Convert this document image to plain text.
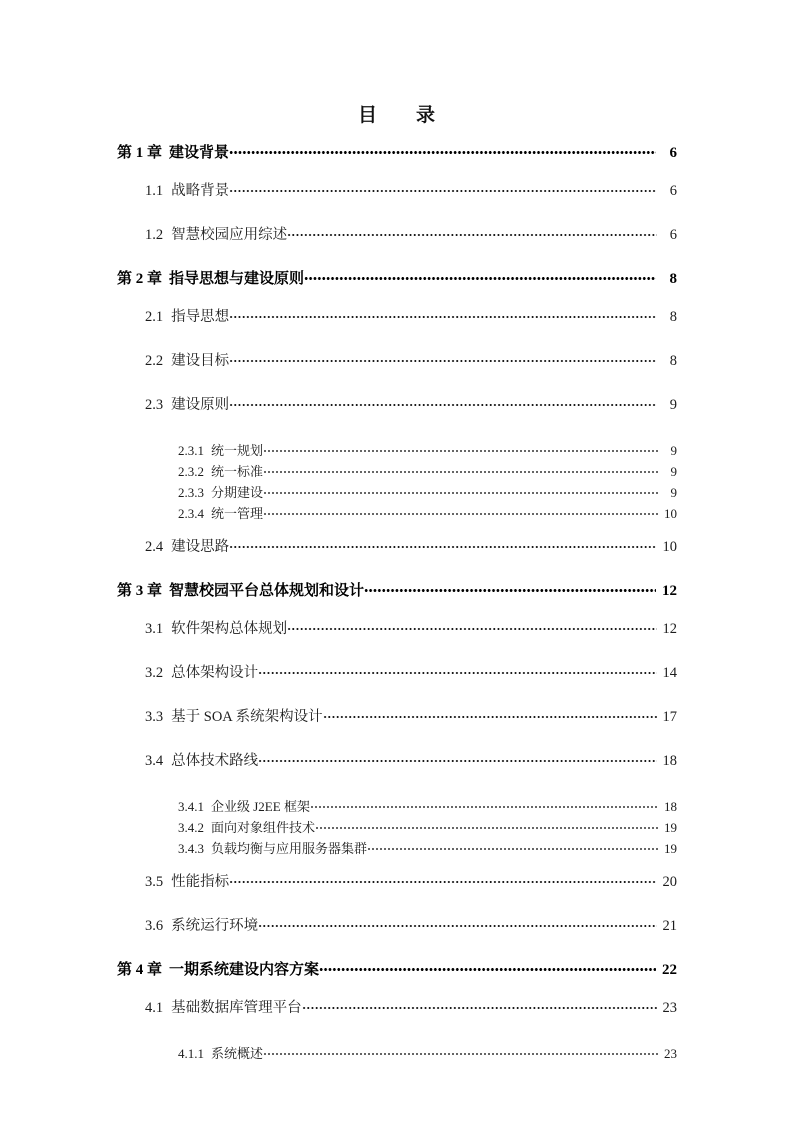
目　录
第 1 章 建设背景	6
1.1 战略背景	6
1.2 智慧校园应用综述	6
第 2 章 指导思想与建设原则	8
2.1 指导思想	8
2.2 建设目标	8
2.3 建设原则	9
2.3.1 统一规划	9
2.3.2 统一标准	9
2.3.3 分期建设	9
2.3.4 统一管理	10
2.4 建设思路	10
第 3 章 智慧校园平台总体规划和设计	12
3.1 软件架构总体规划	12
3.2 总体架构设计	14
3.3 基于 SOA 系统架构设计	17
3.4 总体技术路线	18
3.4.1 企业级 J2EE 框架	18
3.4.2 面向对象组件技术	19
3.4.3 负载均衡与应用服务器集群	19
3.5 性能指标	20
3.6 系统运行环境	21
第 4 章 一期系统建设内容方案	22
4.1 基础数据库管理平台	23
4.1.1 系统概述	23
